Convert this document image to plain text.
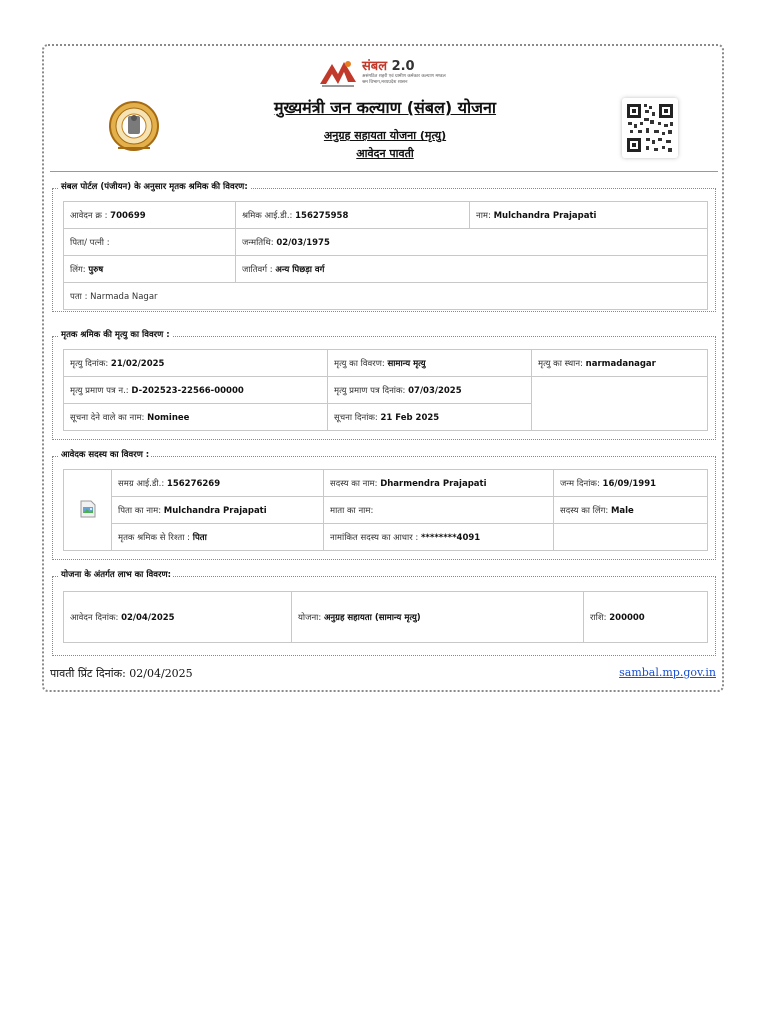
संबल 2.0
असंगठित शहरी एवं ग्रामीण कर्मकार कल्याण मण्डल
श्रम विभाग,मध्यप्रदेश शासन
मुख्यमंत्री जन कल्याण (संबल) योजना
अनुग्रह सहायता योजना (मृत्यु)
आवेदन पावती
संबल पोर्टल (पंजीयन) के अनुसार मृतक श्रमिक की विवरण:
आवेदन क्र : 700699	श्रमिक आई.डी.: 156275958	नाम: Mulchandra Prajapati
पिता/ पत्नी :	जन्मतिथि: 02/03/1975	
लिंग: पुरुष	जातिवर्ग : अन्य पिछड़ा वर्ग	
पता : Narmada Nagar		
मृतक श्रमिक की मृत्यु का विवरण :
मृत्यु दिनांक: 21/02/2025	मृत्यु का विवरण: सामान्य मृत्यु	मृत्यु का स्थान: narmadanagar
मृत्यु प्रमाण पत्र न.: D-202523-22566-00000	मृत्यु प्रमाण पत्र दिनांक: 07/03/2025	
सूचना देने वाले का नाम: Nominee	सूचना दिनांक: 21 Feb 2025	
आवेदक सदस्य का विवरण :
	समग्र आई.डी.: 156276269	सदस्य का नाम: Dharmendra Prajapati	जन्म दिनांक: 16/09/1991
	पिता का नाम: Mulchandra Prajapati	माता का नाम:	सदस्य का लिंग: Male
	मृतक श्रमिक से रिश्ता : पिता	नामांकित सदस्य का आधार : ********4091	
योजना के अंतर्गत लाभ का विवरण:
आवेदन दिनांक: 02/04/2025	योजना: अनुग्रह सहायता (सामान्य मृत्यु)	राशि: 200000
पावती प्रिंट दिनांक: 02/04/2025	sambal.mp.gov.in
